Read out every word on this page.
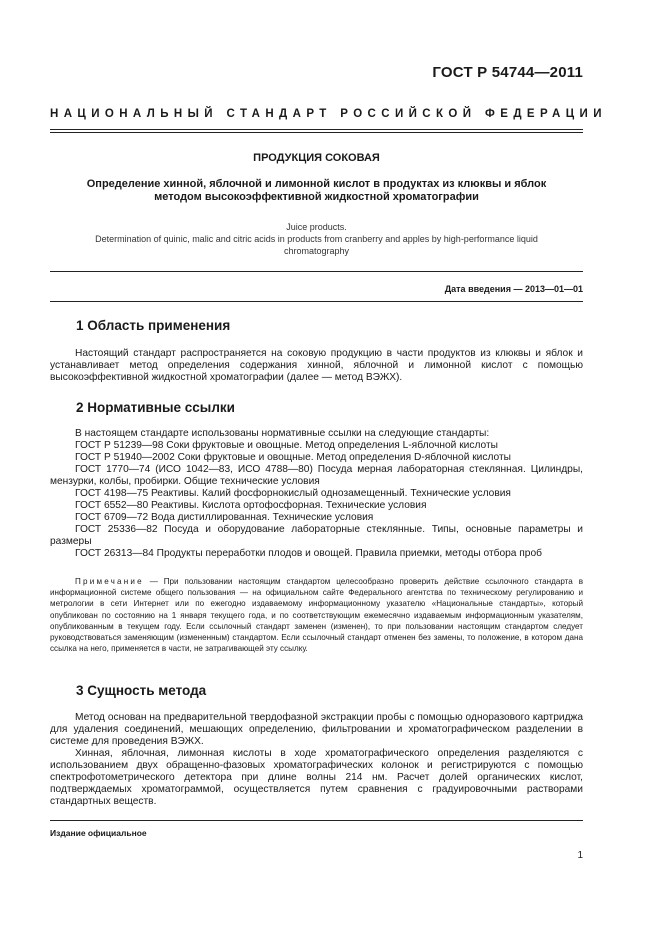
ГОСТ Р 54744—2011
НАЦИОНАЛЬНЫЙ СТАНДАРТ РОССИЙСКОЙ ФЕДЕРАЦИИ
ПРОДУКЦИЯ СОКОВАЯ
Определение хинной, яблочной и лимонной кислот в продуктах из клюквы и яблок
методом высокоэффективной жидкостной хроматографии
Juice products.
Determination of quinic, malic and citric acids in products from cranberry and apples by high-performance liquid
chromatography
Дата введения — 2013—01—01
1 Область применения

Настоящий стандарт распространяется на соковую продукцию в части продуктов из клюквы и яблок и устанавливает метод определения содержания хинной, яблочной и лимонной кислот с помощью высокоэффективной жидкостной хроматографии (далее — метод ВЭЖХ).

2 Нормативные ссылки

В настоящем стандарте использованы нормативные ссылки на следующие стандарты:

ГОСТ Р 51239—98 Соки фруктовые и овощные. Метод определения L-яблочной кислоты

ГОСТ Р 51940—2002 Соки фруктовые и овощные. Метод определения D-яблочной кислоты

ГОСТ 1770—74 (ИСО 1042—83, ИСО 4788—80) Посуда мерная лабораторная стеклянная. Цилиндры, мензурки, колбы, пробирки. Общие технические условия

ГОСТ 4198—75 Реактивы. Калий фосфорнокислый однозамещенный. Технические условия

ГОСТ 6552—80 Реактивы. Кислота ортофосфорная. Технические условия

ГОСТ 6709—72 Вода дистиллированная. Технические условия

ГОСТ 25336—82 Посуда и оборудование лабораторные стеклянные. Типы, основные параметры и размеры

ГОСТ 26313—84 Продукты переработки плодов и овощей. Правила приемки, методы отбора проб

Примечание — При пользовании настоящим стандартом целесообразно проверить действие ссылочного стандарта в информационной системе общего пользования — на официальном сайте Федерального агентства по техническому регулированию и метрологии в сети Интернет или по ежегодно издаваемому информационному указателю «Национальные стандарты», который опубликован по состоянию на 1 января текущего года, и по соответствующим ежемесячно издаваемым информационным указателям, опубликованным в текущем году. Если ссылочный стандарт заменен (изменен), то при пользовании настоящим стандартом следует руководствоваться заменяющим (измененным) стандартом. Если ссылочный стандарт отменен без замены, то положение, в котором дана ссылка на него, применяется в части, не затрагивающей эту ссылку.
3 Сущность метода

Метод основан на предварительной твердофазной экстракции пробы с помощью одноразового картриджа для удаления соединений, мешающих определению, фильтровании и хроматографическом разделении в системе для проведения ВЭЖХ.

Хинная, яблочная, лимонная кислоты в ходе хроматографического определения разделяются с использованием двух обращенно-фазовых хроматографических колонок и регистрируются с помощью спектрофотометрического детектора при длине волны 214 нм. Расчет долей органических кислот, подтверждаемых хроматограммой, осуществляется путем сравнения с градуировочными растворами стандартных веществ.

Издание официальное
1
